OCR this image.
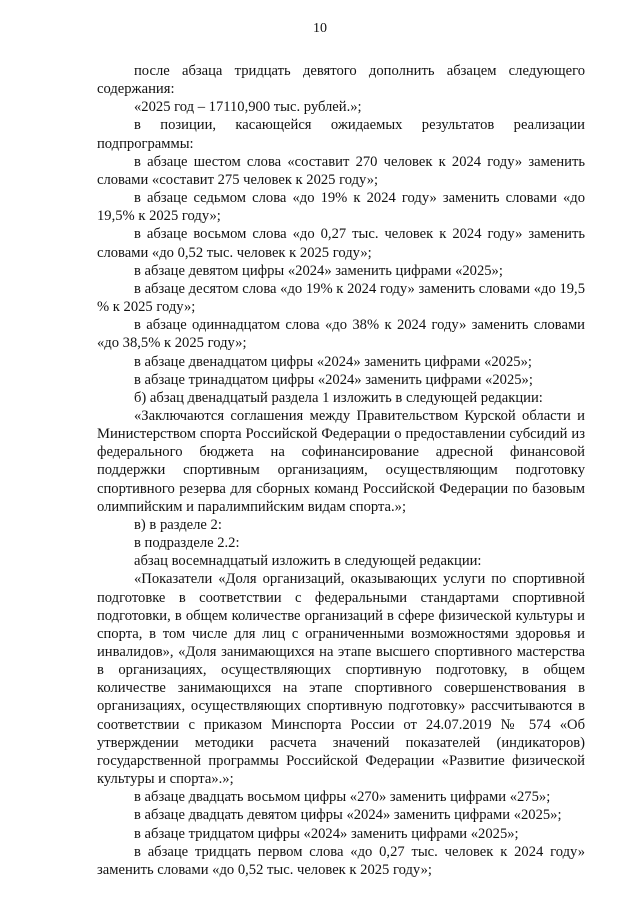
10

после абзаца тридцать девятого дополнить абзацем следующего содержания:

«2025 год – 17110,900 тыс. рублей.»;

в позиции, касающейся ожидаемых результатов реализации подпрограммы:

в абзаце шестом слова «составит 270 человек к 2024 году» заменить словами «составит 275 человек к 2025 году»;

в абзаце седьмом слова «до 19% к 2024 году» заменить словами «до 19,5% к 2025 году»;

в абзаце восьмом слова «до 0,27 тыс. человек к 2024 году» заменить словами «до 0,52 тыс. человек к 2025 году»;

в абзаце девятом цифры «2024» заменить цифрами «2025»;

в абзаце десятом слова «до 19% к 2024 году» заменить словами «до 19,5 % к 2025 году»;

в абзаце одиннадцатом слова «до 38% к 2024 году» заменить словами «до 38,5% к 2025 году»;

в абзаце двенадцатом цифры «2024» заменить цифрами «2025»;

в абзаце тринадцатом цифры «2024» заменить цифрами «2025»;

б) абзац двенадцатый раздела 1 изложить в следующей редакции:

«Заключаются соглашения между Правительством Курской области и Министерством спорта Российской Федерации о предоставлении субсидий из федерального бюджета на софинансирование адресной финансовой поддержки спортивным организациям, осуществляющим подготовку спортивного резерва для сборных команд Российской Федерации по базовым олимпийским и паралимпийским видам спорта.»;

в) в разделе 2:

в подразделе 2.2:

абзац восемнадцатый изложить в следующей редакции:

«Показатели «Доля организаций, оказывающих услуги по спортивной подготовке в соответствии с федеральными стандартами спортивной подготовки, в общем количестве организаций в сфере физической культуры и спорта, в том числе для лиц с ограниченными возможностями здоровья и инвалидов», «Доля занимающихся на этапе высшего спортивного мастерства в организациях, осуществляющих спортивную подготовку, в общем количестве занимающихся на этапе спортивного совершенствования в организациях, осуществляющих спортивную подготовку» рассчитываются в соответствии с приказом Минспорта России от 24.07.2019 № 574 «Об утверждении методики расчета значений показателей (индикаторов) государственной программы Российской Федерации «Развитие физической культуры и спорта».»;

в абзаце двадцать восьмом цифры «270» заменить цифрами «275»;

в абзаце двадцать девятом цифры «2024» заменить цифрами «2025»;

в абзаце тридцатом цифры «2024» заменить цифрами «2025»;

в абзаце тридцать первом слова «до 0,27 тыс. человек к 2024 году» заменить словами «до 0,52 тыс. человек к 2025 году»;
